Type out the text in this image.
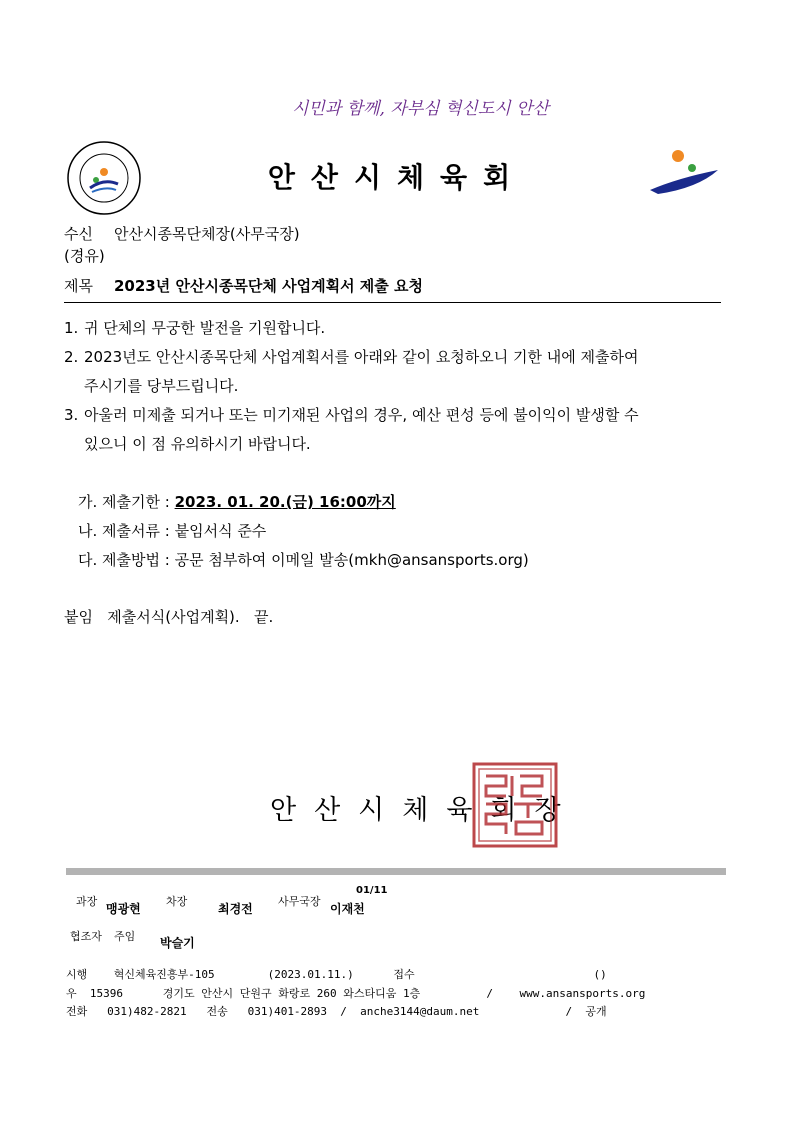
시민과 함께, 자부심 혁신도시 안산
안산시체육회
수신 안산시종목단체장(사무국장)
(경유)
제목 2023년 안산시종목단체 사업계획서 제출 요청
1. 귀 단체의 무궁한 발전을 기원합니다.
2. 2023년도 안산시종목단체 사업계획서를 아래와 같이 요청하오니 기한 내에 제출하여
주시기를 당부드립니다.
3. 아울러 미제출 되거나 또는 미기재된 사업의 경우, 예산 편성 등에 불이익이 발생할 수
있으니 이 점 유의하시기 바랍니다.
가. 제출기한 : 2023. 01. 20.(금) 16:00까지
나. 제출서류 : 붙임서식 준수
다. 제출방법 : 공문 첨부하여 이메일 발송(mkh@ansansports.org)
붙임   제출서식(사업계획).   끝.
안산시체육회장
과장
맹광현
차장
최경전
사무국장
01/11
이재천
협조자 주임 박슬기
시행    혁신체육진흥부-105        (2023.01.11.)      접수                           ()
우  15396      경기도 안산시 단원구 화랑로 260 와스타디움 1층          /    www.ansansports.org
전화   031)482-2821   전송   031)401-2893  /  anche3144@daum.net             /  공개
